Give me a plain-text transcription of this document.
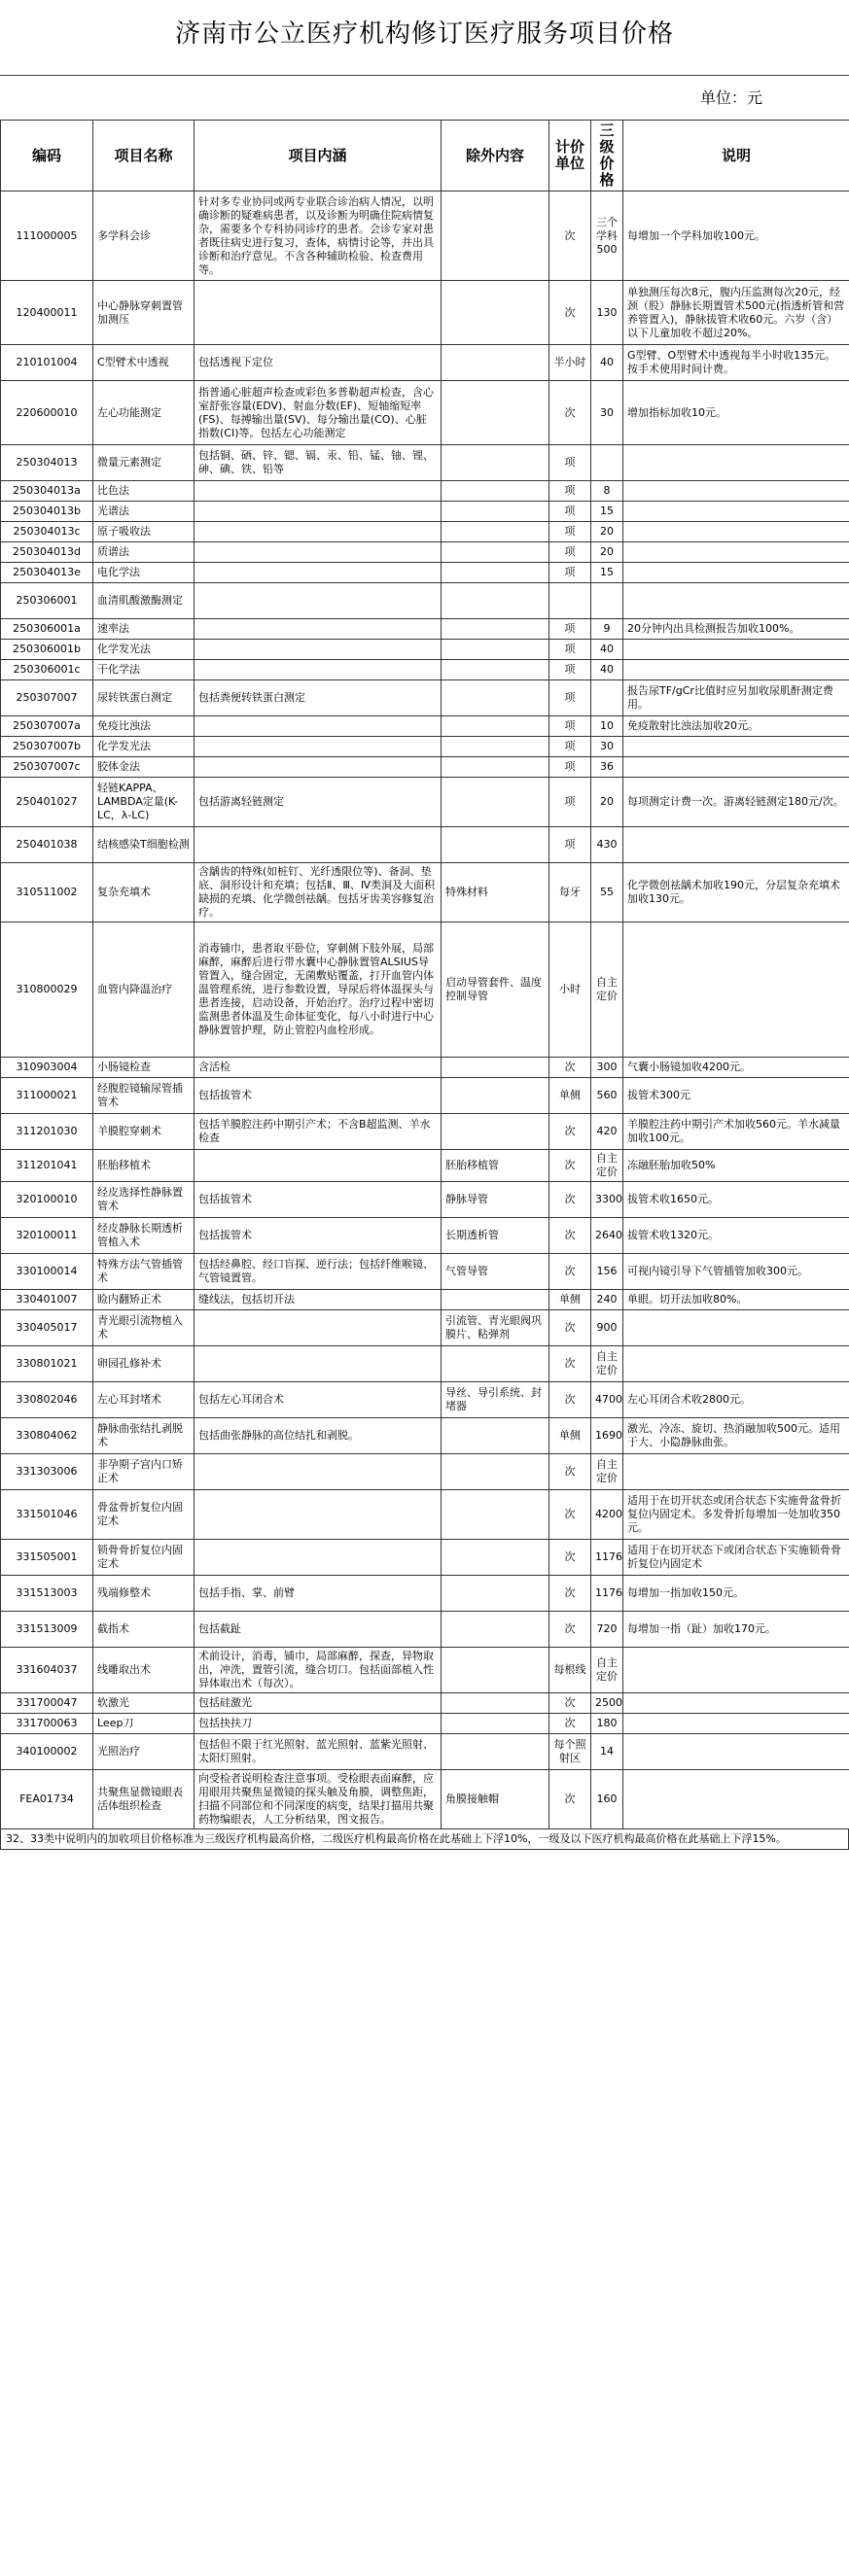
济南市公立医疗机构修订医疗服务项目价格
单位：元
编码	项目名称	项目内涵	除外内容	计价单位	三级价格	说明
111000005	多学科会诊	针对多专业协同或两专业联合诊治病人情况，以明确诊断的疑难病患者，以及诊断为明确住院病情复杂，需要多个专科协同诊疗的患者。会诊专家对患者既往病史进行复习，查体，病情讨论等，并出具诊断和治疗意见。不含各种辅助检验、检查费用等。		次	三个学科500	每增加一个学科加收100元。
120400011	中心静脉穿刺置管加测压			次	130	单独测压每次8元，腹内压监测每次20元，经颈（股）静脉长期置管术500元(指透析管和营养管置入)，静脉拔管术收60元。六岁（含）以下儿童加收不超过20%。
210101004	C型臂术中透视	包括透视下定位		半小时	40	G型臂、O型臂术中透视每半小时收135元。按手术使用时间计费。
220600010	左心功能测定	指普通心脏超声检查或彩色多普勒超声检查，含心室舒张容量(EDV)、射血分数(EF)、短轴缩短率(FS)、每搏输出量(SV)、每分输出量(CO)、心脏指数(CI)等。包括左心功能测定		次	30	增加指标加收10元。
250304013	微量元素测定	包括铜、硒、锌、锶、镉、汞、铅、锰、铀、锂、砷、碘、铁、铅等		项		
250304013a	比色法			项	8	
250304013b	光谱法			项	15	
250304013c	原子吸收法			项	20	
250304013d	质谱法			项	20	
250304013e	电化学法			项	15	
250306001	血清肌酸激酶测定					
250306001a	速率法			项	9	20分钟内出具检测报告加收100%。
250306001b	化学发光法			项	40	
250306001c	干化学法			项	40	
250307007	尿转铁蛋白测定	包括粪便转铁蛋白测定		项		报告尿TF/gCr比值时应另加收尿肌酐测定费用。
250307007a	免疫比浊法			项	10	免疫散射比浊法加收20元。
250307007b	化学发光法			项	30	
250307007c	胶体金法			项	36	
250401027	轻链KAPPA、LAMBDA定量(K-LC，λ-LC)	包括游离轻链测定		项	20	每项测定计费一次。游离轻链测定180元/次。
250401038	结核感染T细胞检测			项	430	
310511002	复杂充填术	含龋齿的特殊(如桩钉、光纤透限位等)、备洞、垫底、洞形设计和充填；包括Ⅱ、Ⅲ、Ⅳ类洞及大面积缺损的充填、化学微创祛龋。包括牙齿美容修复治疗。	特殊材料	每牙	55	化学微创祛龋术加收190元，分层复杂充填术加收130元。
310800029	血管内降温治疗	消毒铺巾，患者取平卧位，穿刺侧下肢外展，局部麻醉，麻醉后进行带水囊中心静脉置管ALSIUS导管置入，缝合固定，无菌敷贴覆盖，打开血管内体温管理系统，进行参数设置，导尿后将体温探头与患者连接，启动设备，开始治疗。治疗过程中密切监测患者体温及生命体征变化，每八小时进行中心静脉置管护理，防止管腔内血栓形成。	启动导管套件、温度控制导管	小时	自主定价	
310903004	小肠镜检查	含活检		次	300	气囊小肠镜加收4200元。
311000021	经腹腔镜输尿管插管术	包括拔管术		单侧	560	拔管术300元
311201030	羊膜腔穿刺术	包括羊膜腔注药中期引产术；不含B超监测、羊水检查		次	420	羊膜腔注药中期引产术加收560元。羊水减量加收100元。
311201041	胚胎移植术		胚胎移植管	次	自主定价	冻融胚胎加收50%
320100010	经皮选择性静脉置管术	包括拔管术	静脉导管	次	3300	拔管术收1650元。
320100011	经皮静脉长期透析管植入术	包括拔管术	长期透析管	次	2640	拔管术收1320元。
330100014	特殊方法气管插管术	包括经鼻腔、经口盲探、逆行法；包括纤维喉镜、气管镜置管。	气管导管	次	156	可视内镜引导下气管插管加收300元。
330401007	睑内翻矫正术	缝线法，包括切开法		单侧	240	单眼。切开法加收80%。
330405017	青光眼引流物植入术		引流管、青光眼阀巩膜片、粘弹剂	次	900	
330801021	卵园孔修补术			次	自主定价	
330802046	左心耳封堵术	包括左心耳闭合术	导丝、导引系统、封堵器	次	4700	左心耳闭合术收2800元。
330804062	静脉曲张结扎剥脱术	包括曲张静脉的高位结扎和剥脱。		单侧	1690	激光、冷冻、旋切、热消融加收500元。适用于大、小隐静脉曲张。
331303006	非孕期子宫内口矫正术			次	自主定价	
331501046	骨盆骨折复位内固定术			次	4200	适用于在切开状态或闭合状态下实施骨盆骨折复位内固定术。多发骨折每增加一处加收350元。
331505001	锁骨骨折复位内固定术			次	1176	适用于在切开状态下或闭合状态下实施锁骨骨折复位内固定术
331513003	残端修整术	包括手指、掌、前臂		次	1176	每增加一指加收150元。
331513009	截指术	包括截趾		次	720	每增加一指（趾）加收170元。
331604037	线雕取出术	术前设计，消毒，铺巾，局部麻醉，探查，异物取出，冲洗，置管引流，缝合切口。包括面部植入性异体取出术（每次）。		每根线	自主定价	
331700047	软激光	包括硅激光		次	2500	
331700063	Leep刀	包括抉扶刀		次	180	
340100002	光照治疗	包括但不限于红光照射、蓝光照射、蓝紫光照射、太阳灯照射。		每个照射区	14	
FEA01734	共聚焦显微镜眼表活体组织检查	向受检者说明检查注意事项。受检眼表面麻醉，应用眼用共聚焦显微镜的探头触及角膜，调整焦距，扫描不同部位和不同深度的病变，结果打描用共聚药物编眼表，人工分析结果，图文报告。	角膜接触帽	次	160	
32、33类中说明内的加收项目价格标准为三级医疗机构最高价格，二级医疗机构最高价格在此基础上下浮10%，一级及以下医疗机构最高价格在此基础上下浮15%。
